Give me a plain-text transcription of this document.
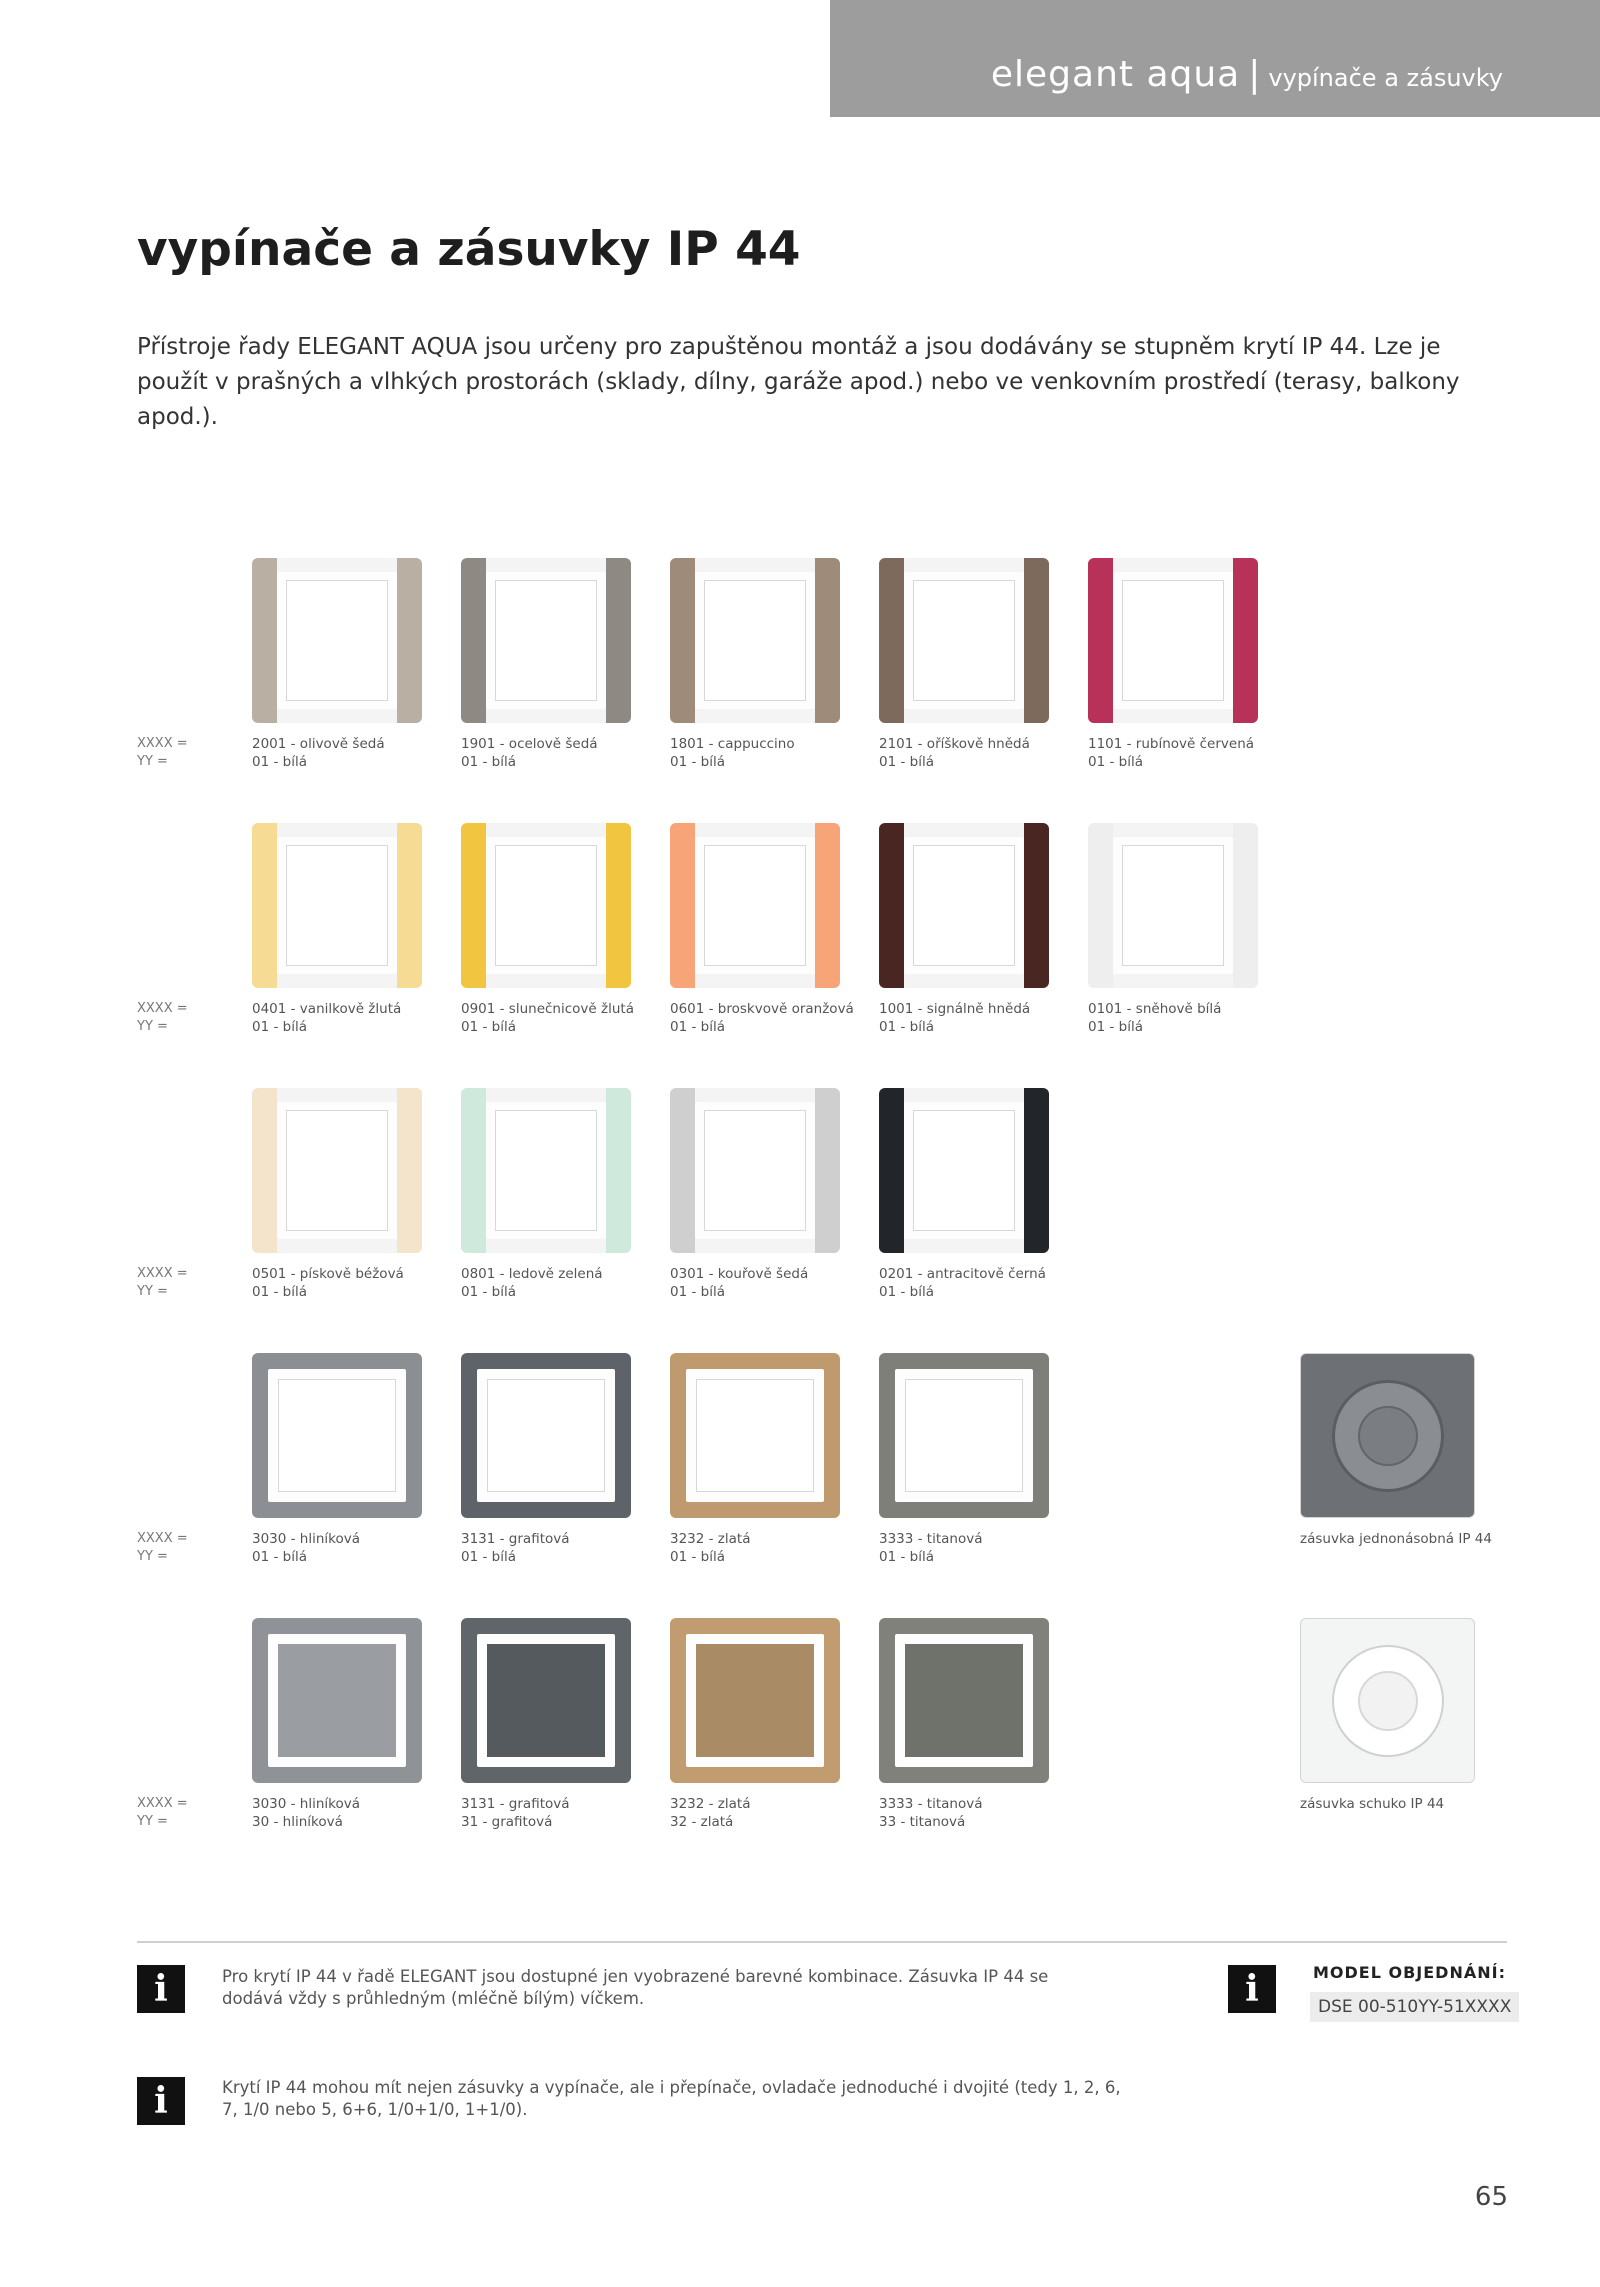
elegant aqua | vypínače a zásuvky
vypínače a zásuvky IP 44

Přístroje řady ELEGANT AQUA jsou určeny pro zapuštěnou montáž a jsou dodávány se stupněm krytí IP 44. Lze je použít v prašných a vlhkých prostorách (sklady, dílny, garáže apod.) nebo ve venkovním prostředí (terasy, balkony apod.).

XXXX =
YY =
2001 - olivově šedá
01 - bílá
1901 - ocelově šedá
01 - bílá
1801 - cappuccino
01 - bílá
2101 - oříškově hnědá
01 - bílá
1101 - rubínově červená
01 - bílá
XXXX =
YY =
0401 - vanilkově žlutá
01 - bílá
0901 - slunečnicově žlutá
01 - bílá
0601 - broskvově oranžová
01 - bílá
1001 - signálně hnědá
01 - bílá
0101 - sněhově bílá
01 - bílá
XXXX =
YY =
0501 - pískově béžová
01 - bílá
0801 - ledově zelená
01 - bílá
0301 - kouřově šedá
01 - bílá
0201 - antracitově černá
01 - bílá
XXXX =
YY =
3030 - hliníková
01 - bílá
3131 - grafitová
01 - bílá
3232 - zlatá
01 - bílá
3333 - titanová
01 - bílá
zásuvka jednonásobná IP 44
XXXX =
YY =
3030 - hliníková
30 - hliníková
3131 - grafitová
31 - grafitová
3232 - zlatá
32 - zlatá
3333 - titanová
33 - titanová
zásuvka schuko IP 44
i	Pro krytí IP 44 v řadě ELEGANT jsou dostupné jen vyobrazené barevné kombinace. Zásuvka IP 44 se dodává vždy s průhledným (mléčně bílým) víčkem.	i	MODEL OBJEDNÁNÍ:
DSE 00-510YY-51XXXX
i	Krytí IP 44 mohou mít nejen zásuvky a vypínače, ale i přepínače, ovladače jednoduché i dvojité (tedy 1, 2, 6, 7, 1/0 nebo 5, 6+6, 1/0+1/0, 1+1/0).

65
